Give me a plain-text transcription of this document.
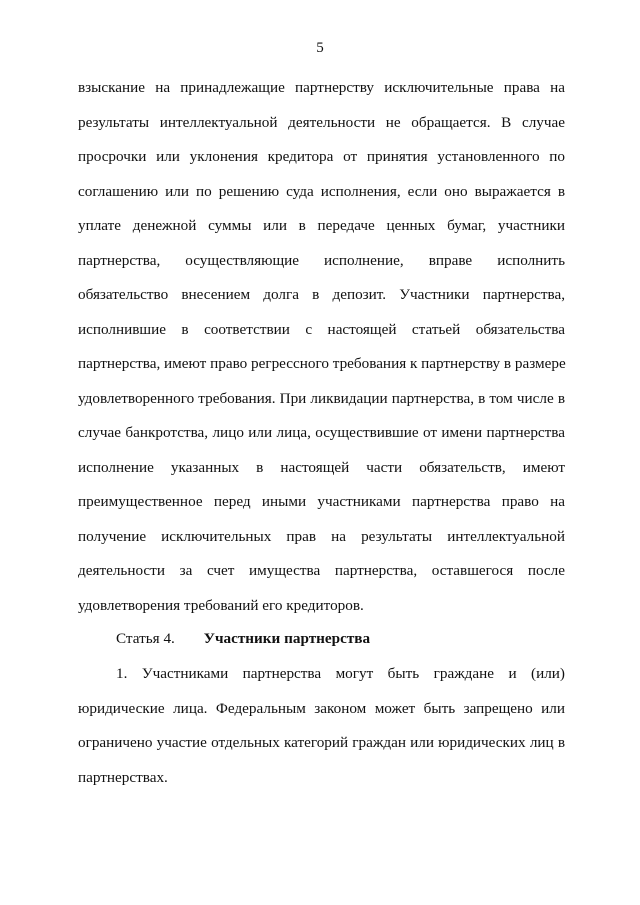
5
взыскание на принадлежащие партнерству исключительные права на
результаты интеллектуальной деятельности не обращается. В случае
просрочки или уклонения кредитора от принятия установленного по
соглашению или по решению суда исполнения, если оно выражается в
уплате денежной суммы или в передаче ценных бумаг, участники
партнерства, осуществляющие исполнение, вправе исполнить
обязательство внесением долга в депозит. Участники партнерства,
исполнившие в соответствии с настоящей статьей обязательства
партнерства, имеют право регрессного требования к партнерству в размере
удовлетворенного требования. При ликвидации партнерства, в том числе в
случае банкротства, лицо или лица, осуществившие от имени партнерства
исполнение указанных в настоящей части обязательств, имеют
преимущественное перед иными участниками партнерства право на
получение исключительных прав на результаты интеллектуальной
деятельности за счет имущества партнерства, оставшегося после
удовлетворения требований его кредиторов.
Статья 4. Участники партнерства
1. Участниками партнерства могут быть граждане и (или)
юридические лица. Федеральным законом может быть запрещено или
ограничено участие отдельных категорий граждан или юридических лиц в
партнерствах.
